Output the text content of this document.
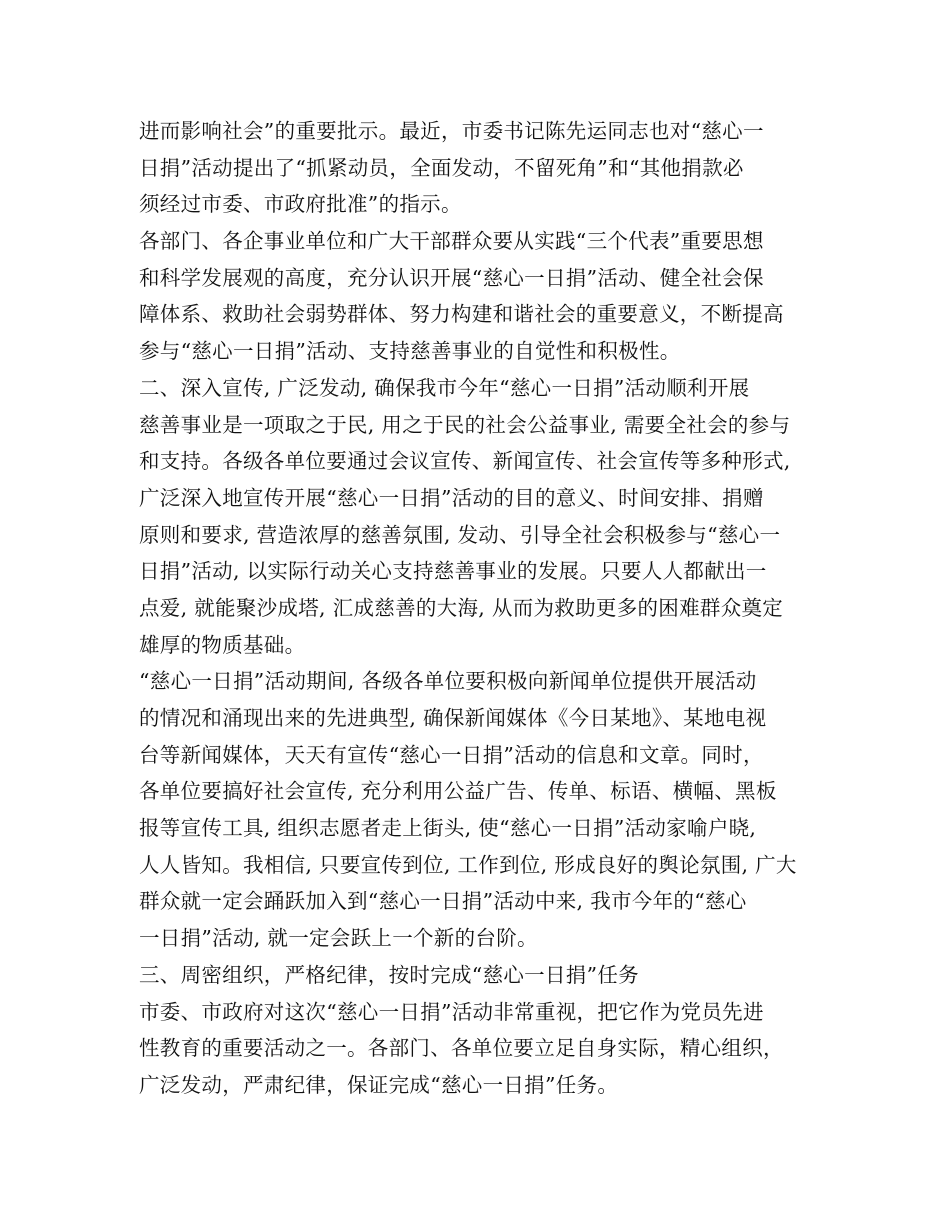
进而影响社会”的重要批示。最近，市委书记陈先运同志也对“慈心一
日捐”活动提出了“抓紧动员，全面发动，不留死角”和“其他捐款必
须经过市委、市政府批准”的指示。
各部门、各企事业单位和广大干部群众要从实践“三个代表”重要思想
和科学发展观的高度，充分认识开展“慈心一日捐”活动、健全社会保
障体系、救助社会弱势群体、努力构建和谐社会的重要意义，不断提高
参与“慈心一日捐”活动、支持慈善事业的自觉性和积极性。
二、深入宣传, 广泛发动, 确保我市今年“慈心一日捐”活动顺利开展
慈善事业是一项取之于民, 用之于民的社会公益事业, 需要全社会的参与
和支持。各级各单位要通过会议宣传、新闻宣传、社会宣传等多种形式,
广泛深入地宣传开展“慈心一日捐”活动的目的意义、时间安排、捐赠
原则和要求, 营造浓厚的慈善氛围, 发动、引导全社会积极参与“慈心一
日捐”活动, 以实际行动关心支持慈善事业的发展。只要人人都献出一
点爱, 就能聚沙成塔, 汇成慈善的大海, 从而为救助更多的困难群众奠定
雄厚的物质基础。
“慈心一日捐”活动期间, 各级各单位要积极向新闻单位提供开展活动
的情况和涌现出来的先进典型, 确保新闻媒体《今日某地》、某地电视
台等新闻媒体，天天有宣传“慈心一日捐”活动的信息和文章。同时，
各单位要搞好社会宣传, 充分利用公益广告、传单、标语、横幅、黑板
报等宣传工具, 组织志愿者走上街头, 使“慈心一日捐”活动家喻户晓,
人人皆知。我相信, 只要宣传到位, 工作到位, 形成良好的舆论氛围, 广大
群众就一定会踊跃加入到“慈心一日捐”活动中来, 我市今年的“慈心
一日捐”活动, 就一定会跃上一个新的台阶。
三、周密组织，严格纪律，按时完成“慈心一日捐”任务
市委、市政府对这次“慈心一日捐”活动非常重视，把它作为党员先进
性教育的重要活动之一。各部门、各单位要立足自身实际，精心组织，
广泛发动，严肃纪律，保证完成“慈心一日捐”任务。
